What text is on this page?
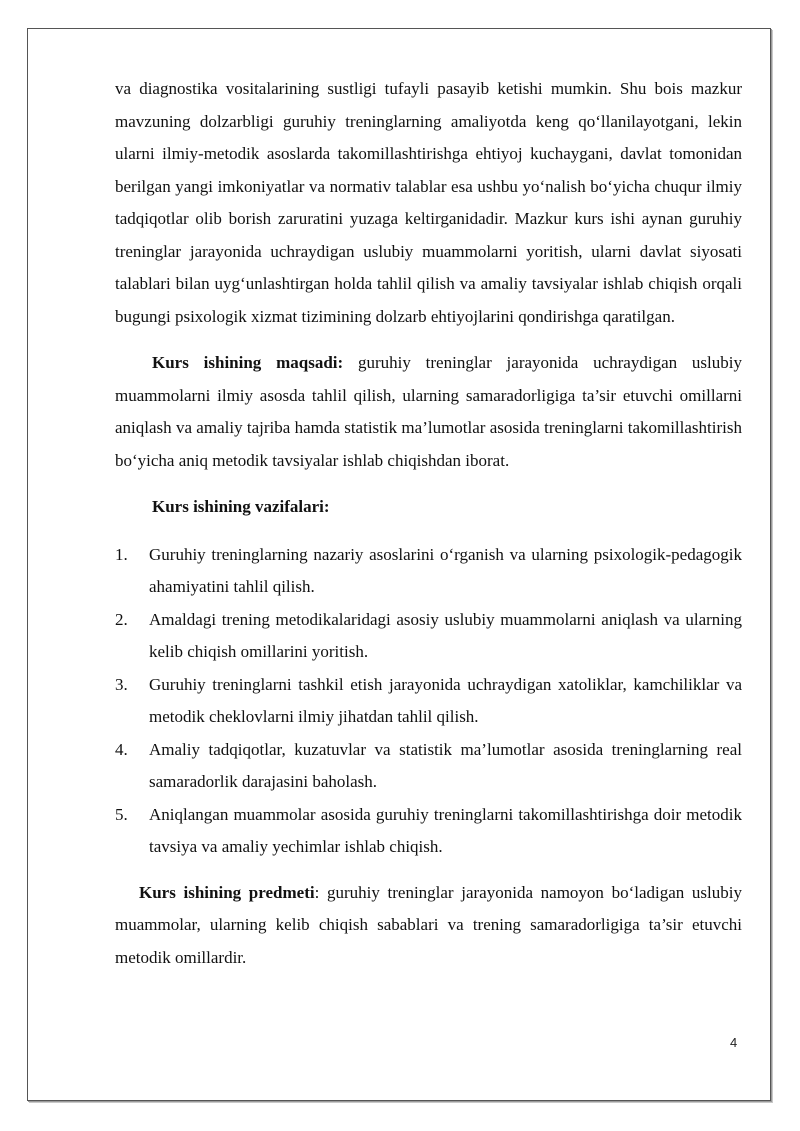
va diagnostika vositalarining sustligi tufayli pasayib ketishi mumkin. Shu bois mazkur mavzuning dolzarbligi guruhiy treninglarning amaliyotda keng qo‘llanilayotgani, lekin ularni ilmiy-metodik asoslarda takomillashtirishga ehtiyoj kuchaygani, davlat tomonidan berilgan yangi imkoniyatlar va normativ talablar esa ushbu yo‘nalish bo‘yicha chuqur ilmiy tadqiqotlar olib borish zaruratini yuzaga keltirganidadir. Mazkur kurs ishi aynan guruhiy treninglar jarayonida uchraydigan uslubiy muammolarni yoritish, ularni davlat siyosati talablari bilan uyg‘unlashtirgan holda tahlil qilish va amaliy tavsiyalar ishlab chiqish orqali bugungi psixologik xizmat tizimining dolzarb ehtiyojlarini qondirishga qaratilgan.

Kurs ishining maqsadi: guruhiy treninglar jarayonida uchraydigan uslubiy muammolarni ilmiy asosda tahlil qilish, ularning samaradorligiga ta’sir etuvchi omillarni aniqlash va amaliy tajriba hamda statistik ma’lumotlar asosida treninglarni takomillashtirish bo‘yicha aniq metodik tavsiyalar ishlab chiqishdan iborat.

Kurs ishining vazifalari:

1. Guruhiy treninglarning nazariy asoslarini o‘rganish va ularning psixologik-pedagogik ahamiyatini tahlil qilish.
2. Amaldagi trening metodikalaridagi asosiy uslubiy muammolarni aniqlash va ularning kelib chiqish omillarini yoritish.
3. Guruhiy treninglarni tashkil etish jarayonida uchraydigan xatoliklar, kamchiliklar va metodik cheklovlarni ilmiy jihatdan tahlil qilish.
4. Amaliy tadqiqotlar, kuzatuvlar va statistik ma’lumotlar asosida treninglarning real samaradorlik darajasini baholash.
5. Aniqlangan muammolar asosida guruhiy treninglarni takomillashtirishga doir metodik tavsiya va amaliy yechimlar ishlab chiqish.

Kurs ishining predmeti: guruhiy treninglar jarayonida namoyon bo‘ladigan uslubiy muammolar, ularning kelib chiqish sabablari va trening samaradorligiga ta’sir etuvchi metodik omillardir.

4
